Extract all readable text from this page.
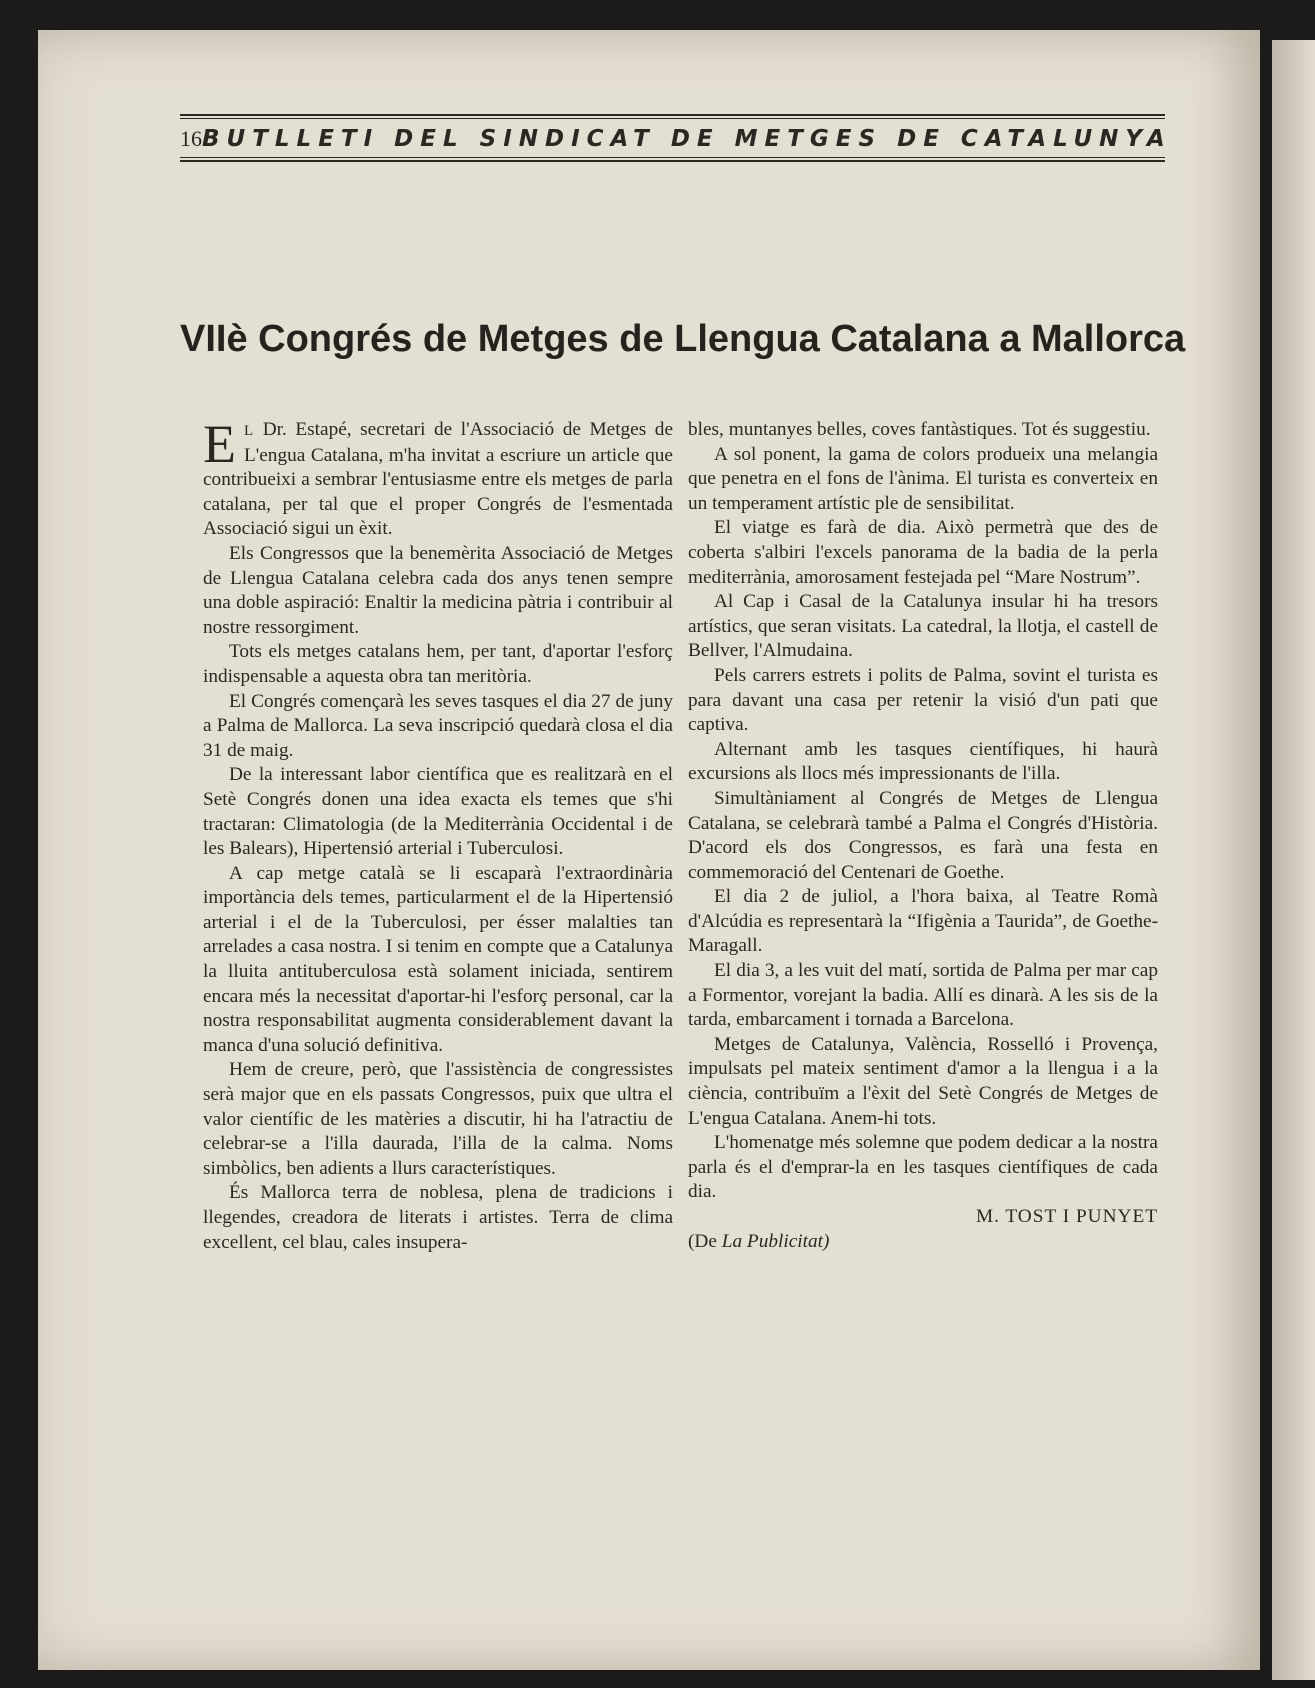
16 BUTLLETI DEL SINDICAT DE METGES DE CATALUNYA
VIIè Congrés de Metges de Llengua Catalana a Mallorca

E L Dr. Estapé, secretari de l'Associació de Metges de L'engua Catalana, m'ha invitat a escriure un article que contribueixi a sembrar l'entusiasme entre els metges de parla catalana, per tal que el proper Congrés de l'esmentada Associació sigui un èxit.

Els Congressos que la benemèrita Associació de Metges de Llengua Catalana celebra cada dos anys tenen sempre una doble aspiració: Enaltir la medicina pàtria i contribuir al nostre ressorgiment.

Tots els metges catalans hem, per tant, d'aportar l'esforç indispensable a aquesta obra tan meritòria.

El Congrés començarà les seves tasques el dia 27 de juny a Palma de Mallorca. La seva inscripció quedarà closa el dia 31 de maig.

De la interessant labor científica que es realitzarà en el Setè Congrés donen una idea exacta els temes que s'hi tractaran: Climatologia (de la Mediterrània Occidental i de les Balears), Hipertensió arterial i Tuberculosi.

A cap metge català se li escaparà l'extraordinària importància dels temes, particularment el de la Hipertensió arterial i el de la Tuberculosi, per ésser malalties tan arrelades a casa nostra. I si tenim en compte que a Catalunya la lluita antituberculosa està solament iniciada, sentirem encara més la necessitat d'aportar-hi l'esforç personal, car la nostra responsabilitat augmenta considerablement davant la manca d'una solució definitiva.

Hem de creure, però, que l'assistència de congressistes serà major que en els passats Congressos, puix que ultra el valor científic de les matèries a discutir, hi ha l'atractiu de celebrar-se a l'illa daurada, l'illa de la calma. Noms simbòlics, ben adients a llurs característiques.

És Mallorca terra de noblesa, plena de tradicions i llegendes, creadora de literats i artistes. Terra de clima excellent, cel blau, cales insupera-

bles, muntanyes belles, coves fantàstiques. Tot és suggestiu.

A sol ponent, la gama de colors produeix una melangia que penetra en el fons de l'ànima. El turista es converteix en un temperament artístic ple de sensibilitat.

El viatge es farà de dia. Això permetrà que des de coberta s'albiri l'excels panorama de la badia de la perla mediterrània, amorosament festejada pel “Mare Nostrum”.

Al Cap i Casal de la Catalunya insular hi ha tresors artístics, que seran visitats. La catedral, la llotja, el castell de Bellver, l'Almudaina.

Pels carrers estrets i polits de Palma, sovint el turista es para davant una casa per retenir la visió d'un pati que captiva.

Alternant amb les tasques científiques, hi haurà excursions als llocs més impressionants de l'illa.

Simultàniament al Congrés de Metges de Llengua Catalana, se celebrarà també a Palma el Congrés d'Història. D'acord els dos Congressos, es farà una festa en commemoració del Centenari de Goethe.

El dia 2 de juliol, a l'hora baixa, al Teatre Romà d'Alcúdia es representarà la “Ifigènia a Taurida”, de Goethe-Maragall.

El dia 3, a les vuit del matí, sortida de Palma per mar cap a Formentor, vorejant la badia. Allí es dinarà. A les sis de la tarda, embarcament i tornada a Barcelona.

Metges de Catalunya, València, Rosselló i Provença, impulsats pel mateix sentiment d'amor a la llengua i a la ciència, contribuïm a l'èxit del Setè Congrés de Metges de L'engua Catalana. Anem-hi tots.

L'homenatge més solemne que podem dedicar a la nostra parla és el d'emprar-la en les tasques científiques de cada dia.

M. TOST I PUNYET

(De La Publicitat)
